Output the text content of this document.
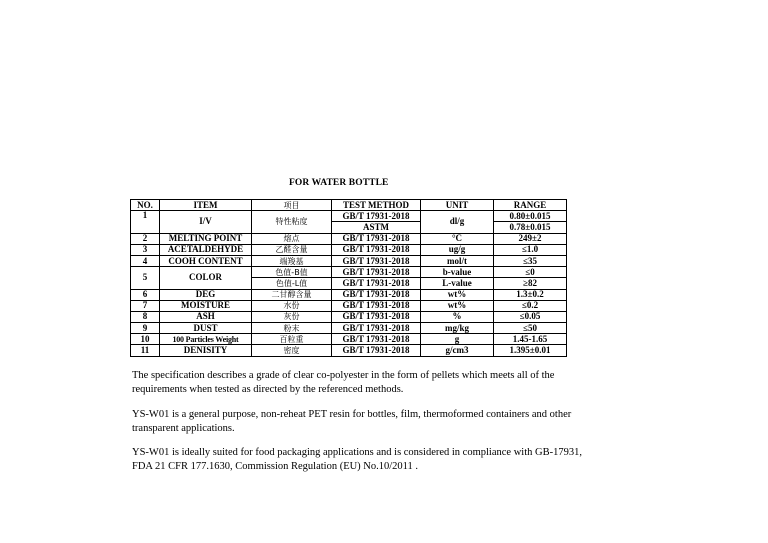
FOR WATER BOTTLE
NO.	ITEM	项目	TEST METHOD	UNIT	RANGE
1	I/V	特性粘度	GB/T 17931-2018	dl/g	0.80±0.015
			ASTM		0.78±0.015
2	MELTING POINT	熔点	GB/T 17931-2018	°C	249±2
3	ACETALDEHYDE	乙醛含量	GB/T 17931-2018	ug/g	≤1.0
4	COOH CONTENT	端羧基	GB/T 17931-2018	mol/t	≤35
5	COLOR	色值-B值	GB/T 17931-2018	b-value	≤0
		色值-L值	GB/T 17931-2018	L-value	≥82
6	DEG	二甘醇含量	GB/T 17931-2018	wt%	1.3±0.2
7	MOISTURE	水份	GB/T 17931-2018	wt%	≤0.2
8	ASH	灰份	GB/T 17931-2018	%	≤0.05
9	DUST	粉末	GB/T 17931-2018	mg/kg	≤50
10	100 Particles Weight	百粒重	GB/T 17931-2018	g	1.45-1.65
11	DENISITY	密度	GB/T 17931-2018	g/cm3	1.395±0.01
The specification describes a grade of clear co-polyester in the form of pellets which meets all of the requirements when tested as directed by the referenced methods.
YS-W01 is a general purpose, non-reheat PET resin for bottles, film, thermoformed containers and other transparent applications.
YS-W01 is ideally suited for food packaging applications and is considered in compliance with GB-17931, FDA 21 CFR 177.1630, Commission Regulation (EU) No.10/2011 .
